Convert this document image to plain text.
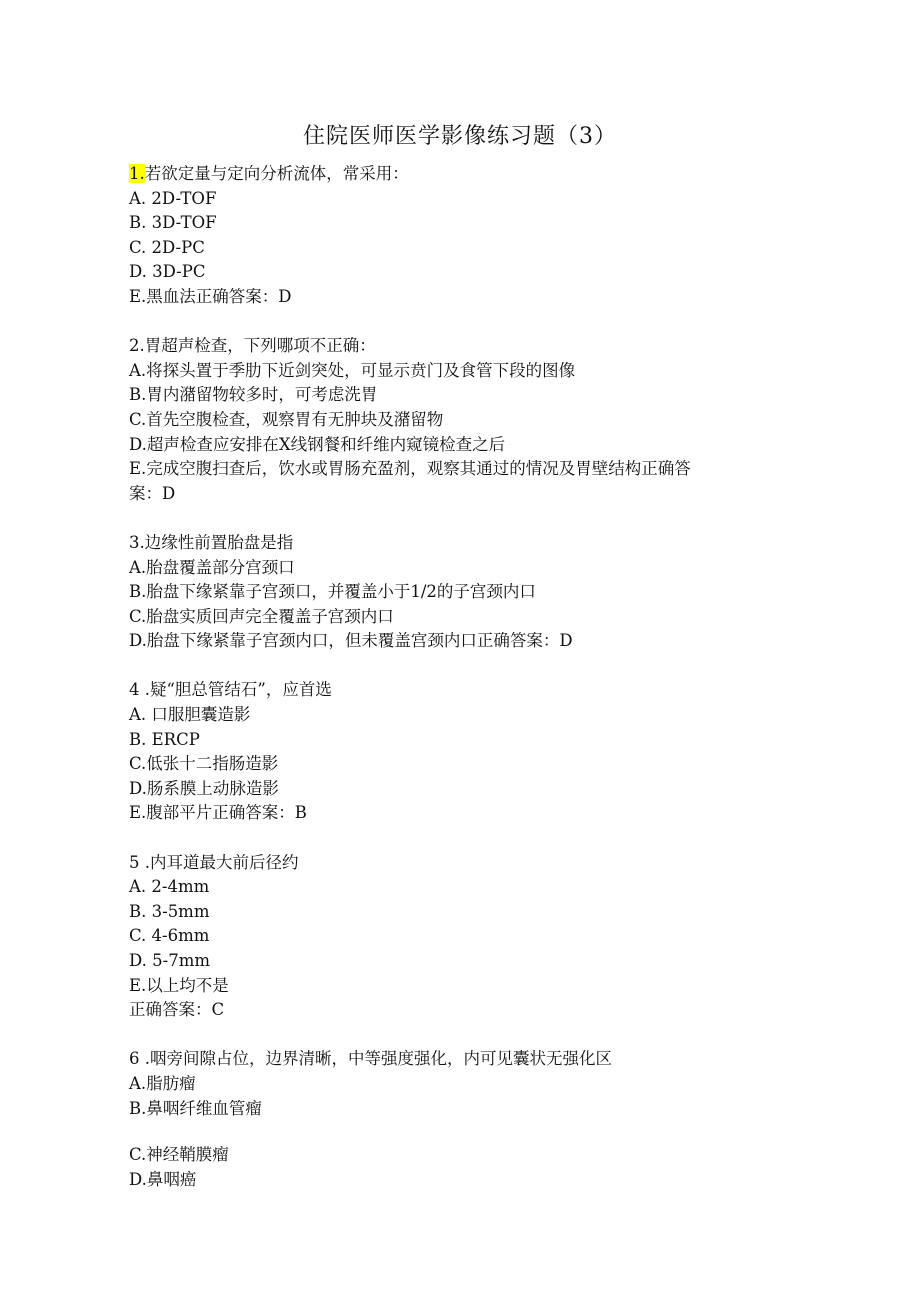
住院医师医学影像练习题（3）
1.若欲定量与定向分析流体，常采用：
A. 2D-TOF
B. 3D-TOF
C. 2D-PC
D. 3D-PC
E.黑血法正确答案：D
2.胃超声检查，下列哪项不正确：
A.将探头置于季肋下近剑突处，可显示贲门及食管下段的图像
B.胃内潴留物较多时，可考虑洗胃
C.首先空腹检查，观察胃有无肿块及潴留物
D.超声检查应安排在X线钢餐和纤维内窥镜检查之后
E.完成空腹扫查后，饮水或胃肠充盈剂，观察其通过的情况及胃壁结构正确答
案：D
3.边缘性前置胎盘是指
A.胎盘覆盖部分宫颈口
B.胎盘下缘紧靠子宫颈口，并覆盖小于1/2的子宫颈内口
C.胎盘实质回声完全覆盖子宫颈内口
D.胎盘下缘紧靠子宫颈内口，但未覆盖宫颈内口正确答案：D
4 .疑“胆总管结石”，应首选
A. 口服胆囊造影
B. ERCP
C.低张十二指肠造影
D.肠系膜上动脉造影
E.腹部平片正确答案：B
5 .内耳道最大前后径约
A. 2-4mm
B. 3-5mm
C. 4-6mm
D. 5-7mm
E.以上均不是
正确答案：C
6 .咽旁间隙占位，边界清晰，中等强度强化，内可见囊状无强化区
A.脂肪瘤
B.鼻咽纤维血管瘤
C.神经鞘膜瘤
D.鼻咽癌
